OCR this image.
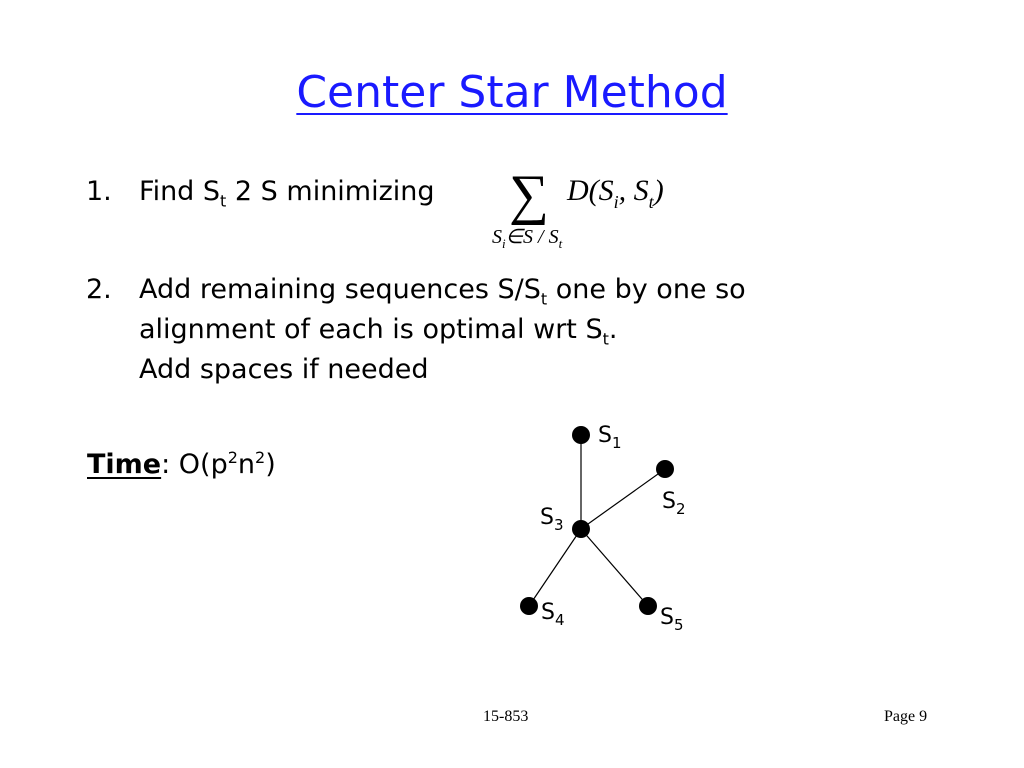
Center Star Method
1. Find $S_t$ 2 S minimizing ∑ $D(S_i$, $S_t$)
$S_i\in S / S_t$
2. Add remaining sequences $S/S_t$ one by one so
alignment of each is optimal wrt $S_t$.
Add spaces if needed
Time: $O(p^2n^2)$
$S_1$
$S_2$
$S_3$
$S_4$	$S_5$
15-853	Page 9
